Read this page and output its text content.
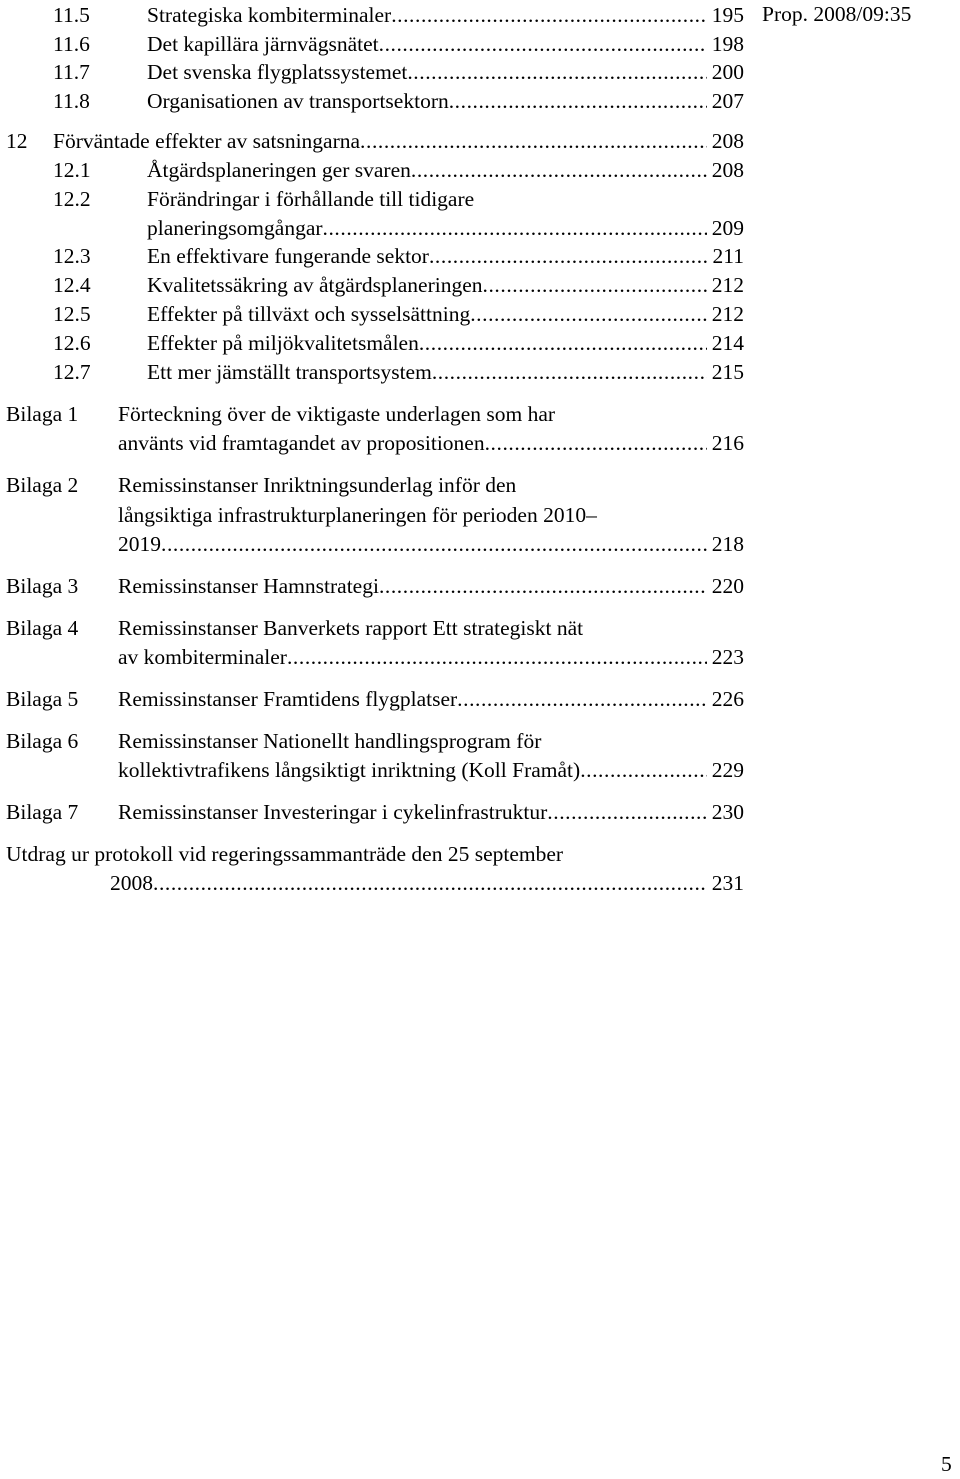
Prop. 2008/09:35
11.5	Strategiska kombiterminaler . . .	195
11.6	Det kapillära järnvägsnätet . . .	198
11.7	Det svenska flygplatssystemet . . .	200
11.8	Organisationen av transportsektorn . . .	207
12 Förväntade effekter av satsningarna . . .	208
12.1	Åtgärdsplaneringen ger svaren . . .	208
12.2	Förändringar i förhållande till tidigare
planeringsomgångar . . .	209
12.3	En effektivare fungerande sektor . . .	211
12.4	Kvalitetssäkring av åtgärdsplaneringen . . .	212
12.5	Effekter på tillväxt och sysselsättning . . .	212
12.6	Effekter på miljökvalitetsmålen . . .	214
12.7	Ett mer jämställt transportsystem . . .	215
Bilaga 1 Förteckning över de viktigaste underlagen som har
använts vid framtagandet av propositionen . . .	216
Bilaga 2 Remissinstanser Inriktningsunderlag inför den
långsiktiga infrastrukturplaneringen för perioden 2010–
2019 . . .	218
Bilaga 3 Remissinstanser Hamnstrategi . . .	220
Bilaga 4 Remissinstanser Banverkets rapport Ett strategiskt nät
av kombiterminaler . . .	223
Bilaga 5 Remissinstanser Framtidens flygplatser . . .	226
Bilaga 6 Remissinstanser Nationellt handlingsprogram för
kollektivtrafikens långsiktigt inriktning (Koll Framåt) . . .	229
Bilaga 7 Remissinstanser Investeringar i cykelinfrastruktur . . .	230
Utdrag ur protokoll vid regeringssammanträde den 25 september
2008 . . .	231
5
